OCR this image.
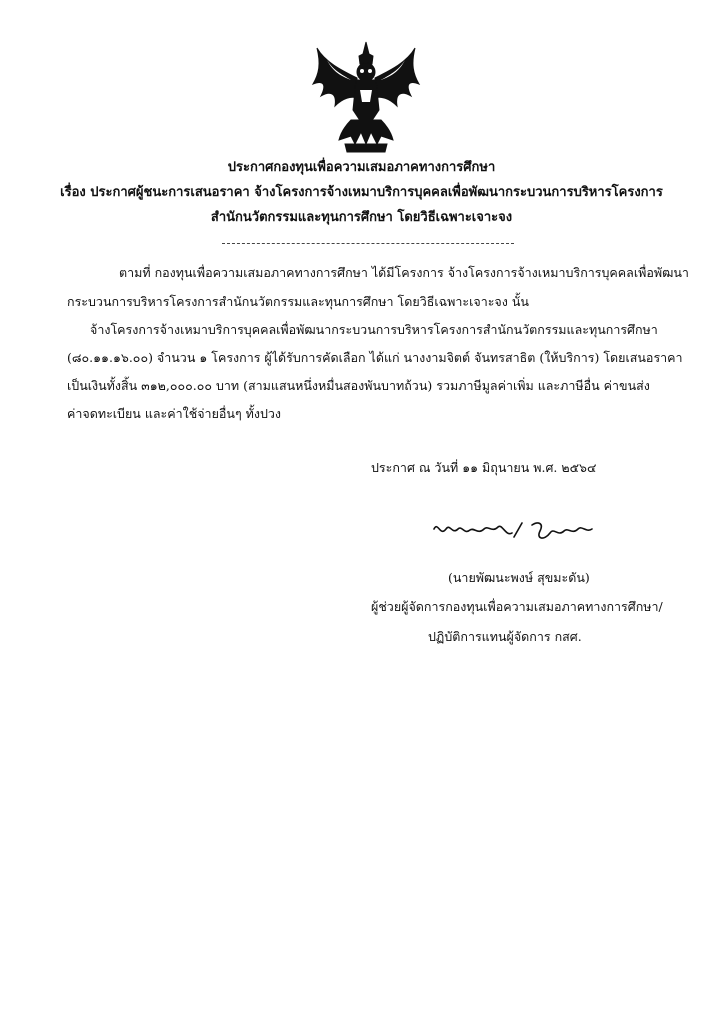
ประกาศกองทุนเพื่อความเสมอภาคทางการศึกษา
เรื่อง ประกาศผู้ชนะการเสนอราคา จ้างโครงการจ้างเหมาบริการบุคคลเพื่อพัฒนากระบวนการบริหารโครงการ
สำนักนวัตกรรมและทุนการศึกษา โดยวิธีเฉพาะเจาะจง
ตามที่ กองทุนเพื่อความเสมอภาคทางการศึกษา ได้มีโครงการ จ้างโครงการจ้างเหมาบริการบุคคลเพื่อพัฒนา
กระบวนการบริหารโครงการสำนักนวัตกรรมและทุนการศึกษา โดยวิธีเฉพาะเจาะจง นั้น
จ้างโครงการจ้างเหมาบริการบุคคลเพื่อพัฒนากระบวนการบริหารโครงการสำนักนวัตกรรมและทุนการศึกษา
(๘๐.๑๑.๑๖.๐๐) จำนวน ๑ โครงการ ผู้ได้รับการคัดเลือก ได้แก่ นางงามจิตต์ จันทรสาธิต (ให้บริการ) โดยเสนอราคา
เป็นเงินทั้งสิ้น ๓๑๒,๐๐๐.๐๐ บาท (สามแสนหนึ่งหมื่นสองพันบาทถ้วน) รวมภาษีมูลค่าเพิ่ม และภาษีอื่น ค่าขนส่ง
ค่าจดทะเบียน และค่าใช้จ่ายอื่นๆ ทั้งปวง
ประกาศ ณ วันที่ ๑๑ มิถุนายน พ.ศ. ๒๕๖๔
(นายพัฒนะพงษ์ สุขมะดัน)
ผู้ช่วยผู้จัดการกองทุนเพื่อความเสมอภาคทางการศึกษา/
ปฏิบัติการแทนผู้จัดการ กสศ.
